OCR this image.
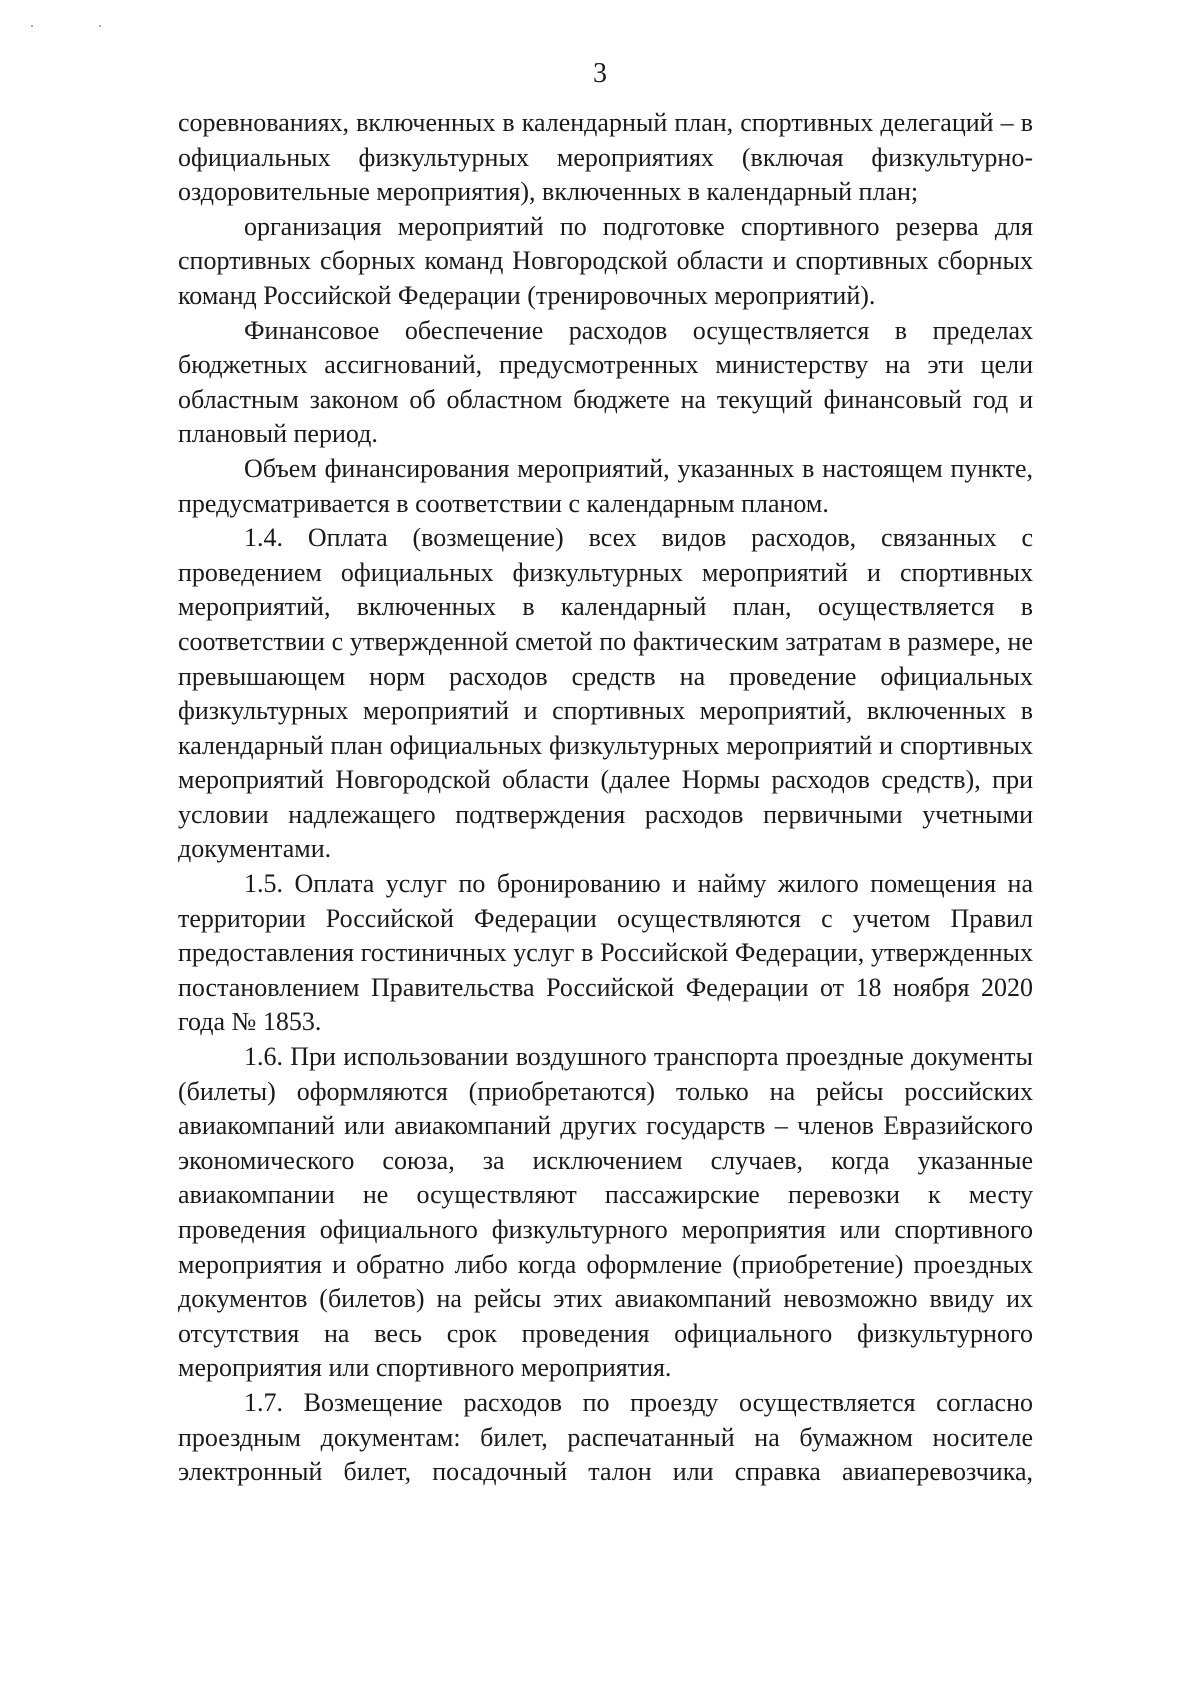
. .
3

соревнованиях, включенных в календарный план, спортивных делегаций – в официальных физкультурных мероприятиях (включая физкультурно-оздоровительные мероприятия), включенных в календарный план;

организация мероприятий по подготовке спортивного резерва для спортивных сборных команд Новгородской области и спортивных сборных команд Российской Федерации (тренировочных мероприятий).

Финансовое обеспечение расходов осуществляется в пределах бюджетных ассигнований, предусмотренных министерству на эти цели областным законом об областном бюджете на текущий финансовый год и плановый период.

Объем финансирования мероприятий, указанных в настоящем пункте, предусматривается в соответствии с календарным планом.

1.4. Оплата (возмещение) всех видов расходов, связанных с проведением официальных физкультурных мероприятий и спортивных мероприятий, включенных в календарный план, осуществляется в соответствии с утвержденной сметой по фактическим затратам в размере, не превышающем норм расходов средств на проведение официальных физкультурных мероприятий и спортивных мероприятий, включенных в календарный план официальных физкультурных мероприятий и спортивных мероприятий Новгородской области (далее Нормы расходов средств), при условии надлежащего подтверждения расходов первичными учетными документами.

1.5. Оплата услуг по бронированию и найму жилого помещения на территории Российской Федерации осуществляются с учетом Правил предоставления гостиничных услуг в Российской Федерации, утвержденных постановлением Правительства Российской Федерации от 18 ноября 2020 года № 1853.

1.6. При использовании воздушного транспорта проездные документы (билеты) оформляются (приобретаются) только на рейсы российских авиакомпаний или авиакомпаний других государств – членов Евразийского экономического союза, за исключением случаев, когда указанные авиакомпании не осуществляют пассажирские перевозки к месту проведения официального физкультурного мероприятия или спортивного мероприятия и обратно либо когда оформление (приобретение) проездных документов (билетов) на рейсы этих авиакомпаний невозможно ввиду их отсутствия на весь срок проведения официального физкультурного мероприятия или спортивного мероприятия.

1.7. Возмещение расходов по проезду осуществляется согласно проездным документам: билет, распечатанный на бумажном носителе электронный билет, посадочный талон или справка авиаперевозчика,
